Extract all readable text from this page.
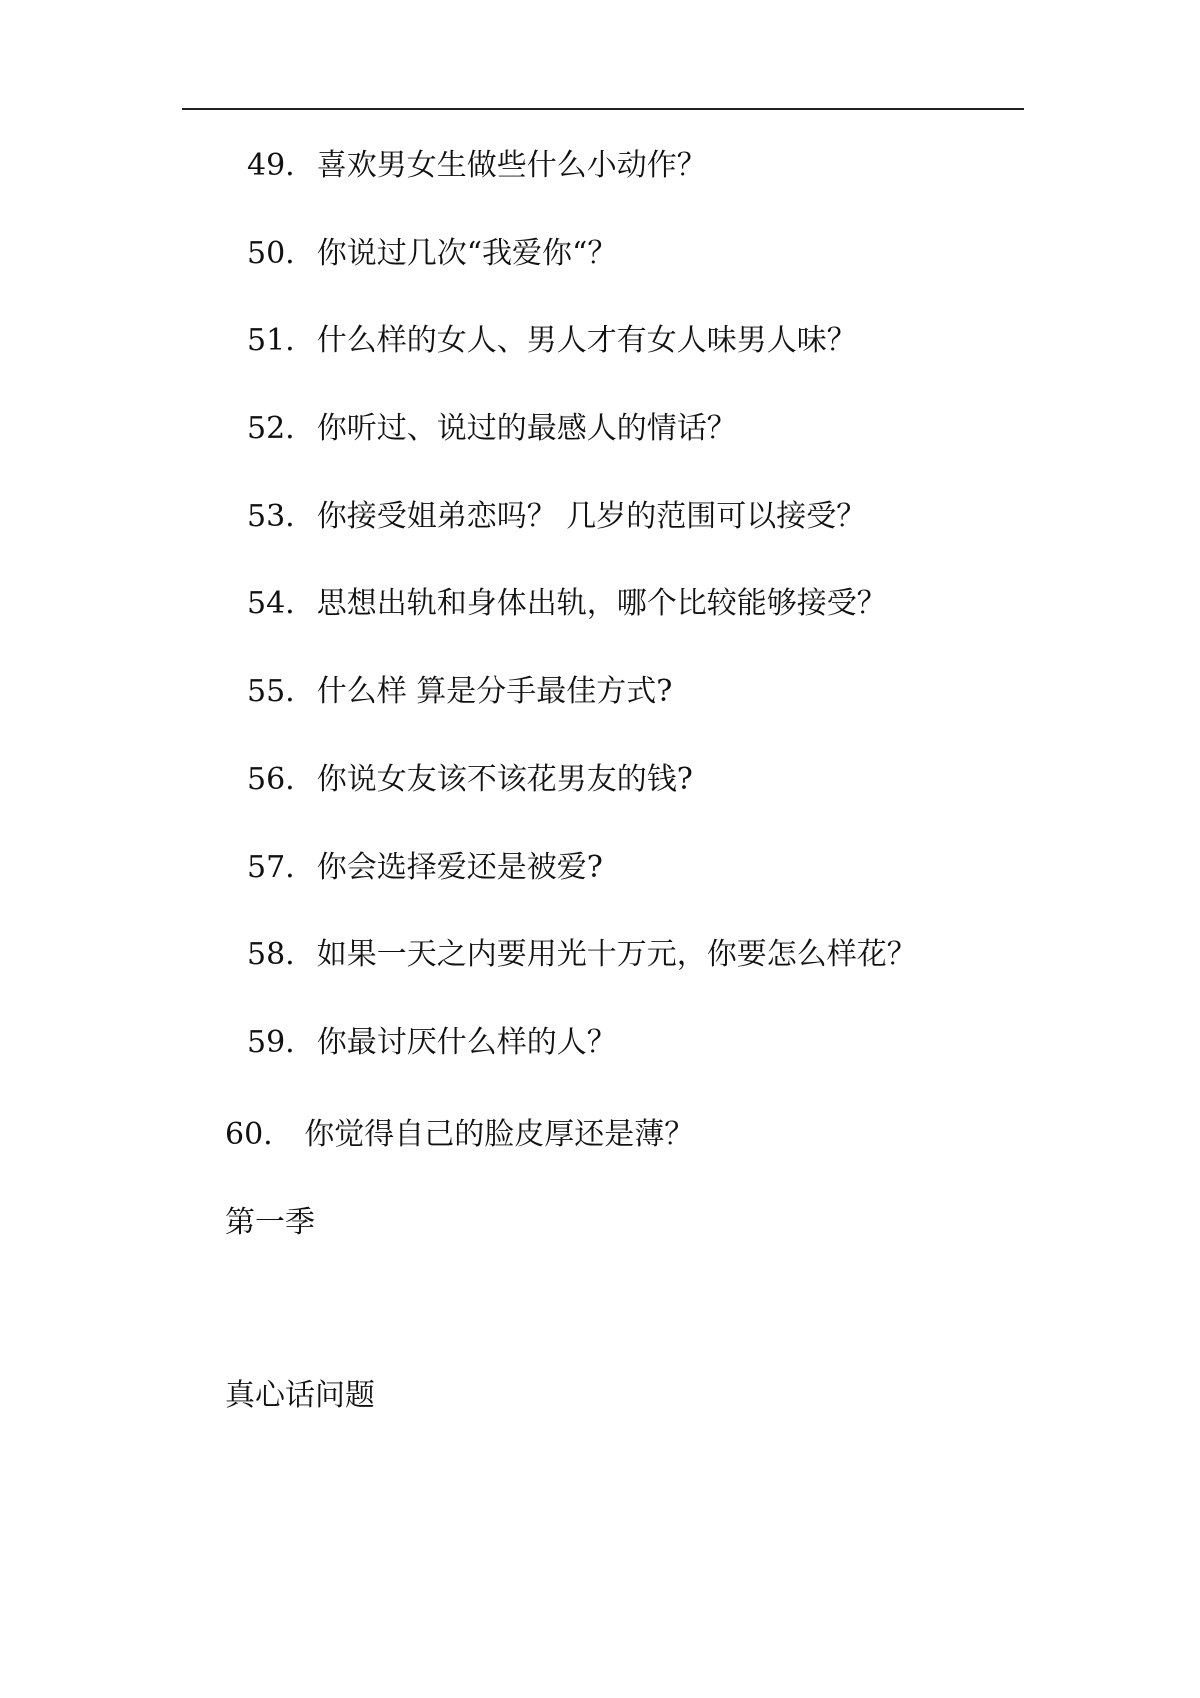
49. 喜欢男女生做些什么小动作？
50. 你说过几次“我爱你“？
51. 什么样的女人、男人才有女人味男人味？
52. 你听过、说过的最感人的情话？
53. 你接受姐弟恋吗？ 几岁的范围可以接受？
54. 思想出轨和身体出轨，哪个比较能够接受？
55. 什么样 算是分手最佳方式?
56. 你说女友该不该花男友的钱?
57. 你会选择爱还是被爱?
58. 如果一天之内要用光十万元，你要怎么样花？
59. 你最讨厌什么样的人？
60. 你觉得自己的脸皮厚还是薄？
第一季
真心话问题
